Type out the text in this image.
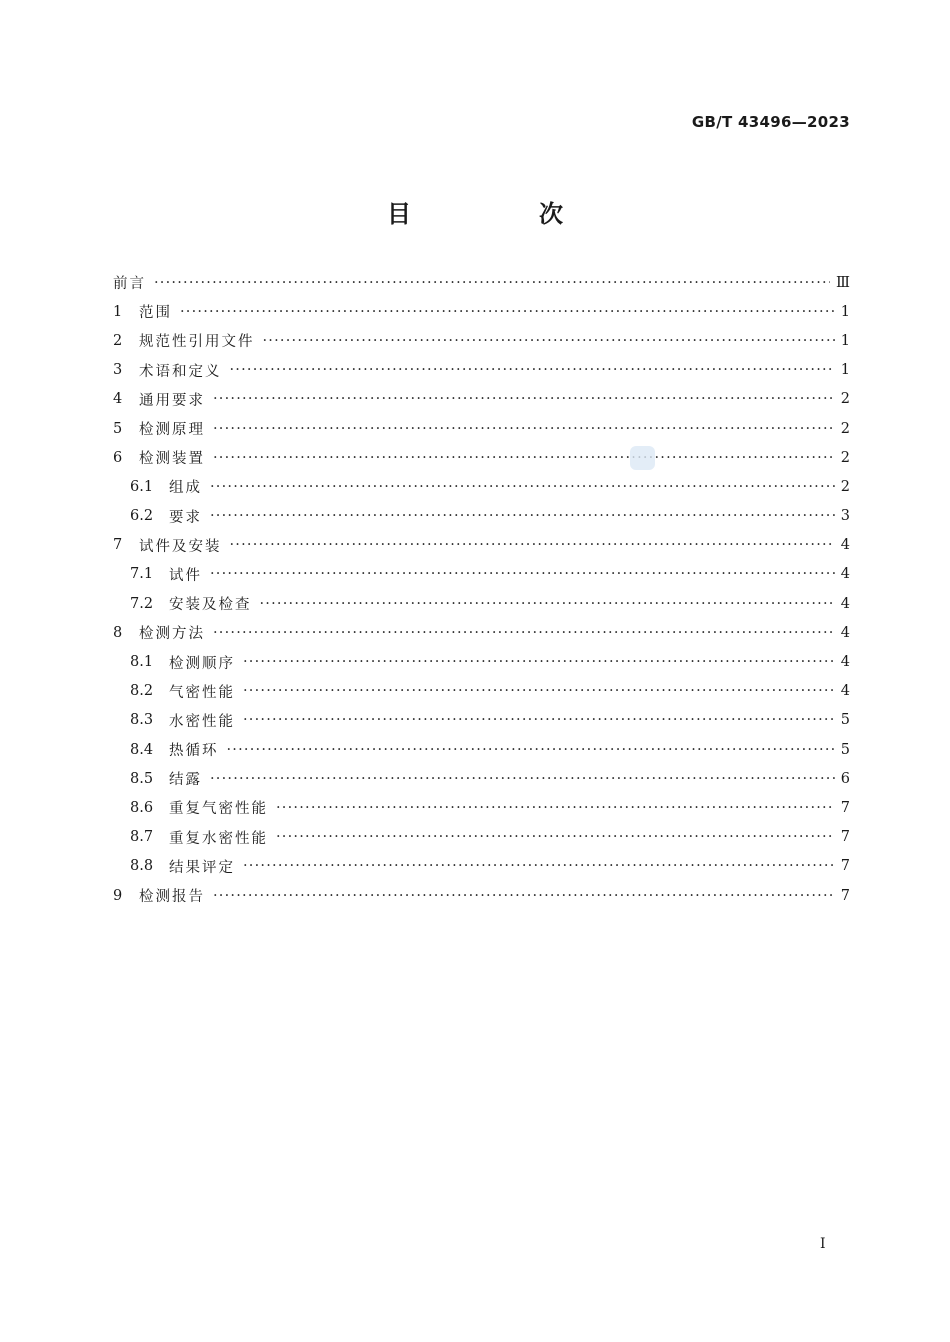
GB/T 43496—2023
目　次
前言 ·····	Ⅲ
1	范围 ·····	1
2	规范性引用文件 ·····	1
3	术语和定义 ·····	1
4	通用要求 ·····	2
5	检测原理 ·····	2
6	检测装置 ·····	2
6.1	组成 ·····	2
6.2	要求 ·····	3
7	试件及安装 ·····	4
7.1	试件 ·····	4
7.2	安装及检查 ·····	4
8	检测方法 ·····	4
8.1	检测顺序 ·····	4
8.2	气密性能 ·····	4
8.3	水密性能 ·····	5
8.4	热循环 ·····	5
8.5	结露 ·····	6
8.6	重复气密性能 ·····	7
8.7	重复水密性能 ·····	7
8.8	结果评定 ·····	7
9	检测报告 ·····	7
I
